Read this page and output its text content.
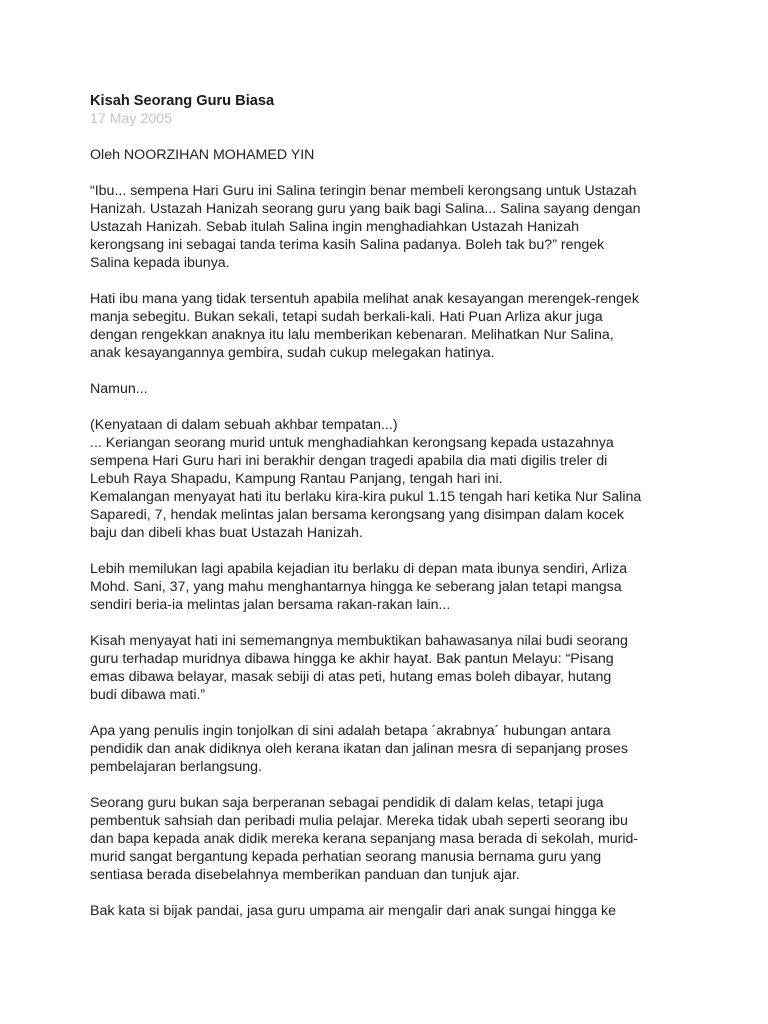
Kisah Seorang Guru Biasa
17 May 2005
Oleh NOORZIHAN MOHAMED YIN
“Ibu... sempena Hari Guru ini Salina teringin benar membeli kerongsang untuk Ustazah
Hanizah. Ustazah Hanizah seorang guru yang baik bagi Salina... Salina sayang dengan
Ustazah Hanizah. Sebab itulah Salina ingin menghadiahkan Ustazah Hanizah
kerongsang ini sebagai tanda terima kasih Salina padanya. Boleh tak bu?” rengek
Salina kepada ibunya.
Hati ibu mana yang tidak tersentuh apabila melihat anak kesayangan merengek-rengek
manja sebegitu. Bukan sekali, tetapi sudah berkali-kali. Hati Puan Arliza akur juga
dengan rengekkan anaknya itu lalu memberikan kebenaran. Melihatkan Nur Salina,
anak kesayangannya gembira, sudah cukup melegakan hatinya.
Namun...
(Kenyataan di dalam sebuah akhbar tempatan...)
... Keriangan seorang murid untuk menghadiahkan kerongsang kepada ustazahnya
sempena Hari Guru hari ini berakhir dengan tragedi apabila dia mati digilis treler di
Lebuh Raya Shapadu, Kampung Rantau Panjang, tengah hari ini.
Kemalangan menyayat hati itu berlaku kira-kira pukul 1.15 tengah hari ketika Nur Salina
Saparedi, 7, hendak melintas jalan bersama kerongsang yang disimpan dalam kocek
baju dan dibeli khas buat Ustazah Hanizah.
Lebih memilukan lagi apabila kejadian itu berlaku di depan mata ibunya sendiri, Arliza
Mohd. Sani, 37, yang mahu menghantarnya hingga ke seberang jalan tetapi mangsa
sendiri beria-ia melintas jalan bersama rakan-rakan lain...
Kisah menyayat hati ini sememangnya membuktikan bahawasanya nilai budi seorang
guru terhadap muridnya dibawa hingga ke akhir hayat. Bak pantun Melayu: “Pisang
emas dibawa belayar, masak sebiji di atas peti, hutang emas boleh dibayar, hutang
budi dibawa mati.”
Apa yang penulis ingin tonjolkan di sini adalah betapa ´akrabnya´ hubungan antara
pendidik dan anak didiknya oleh kerana ikatan dan jalinan mesra di sepanjang proses
pembelajaran berlangsung.
Seorang guru bukan saja berperanan sebagai pendidik di dalam kelas, tetapi juga
pembentuk sahsiah dan peribadi mulia pelajar. Mereka tidak ubah seperti seorang ibu
dan bapa kepada anak didik mereka kerana sepanjang masa berada di sekolah, murid-
murid sangat bergantung kepada perhatian seorang manusia bernama guru yang
sentiasa berada disebelahnya memberikan panduan dan tunjuk ajar.
Bak kata si bijak pandai, jasa guru umpama air mengalir dari anak sungai hingga ke
